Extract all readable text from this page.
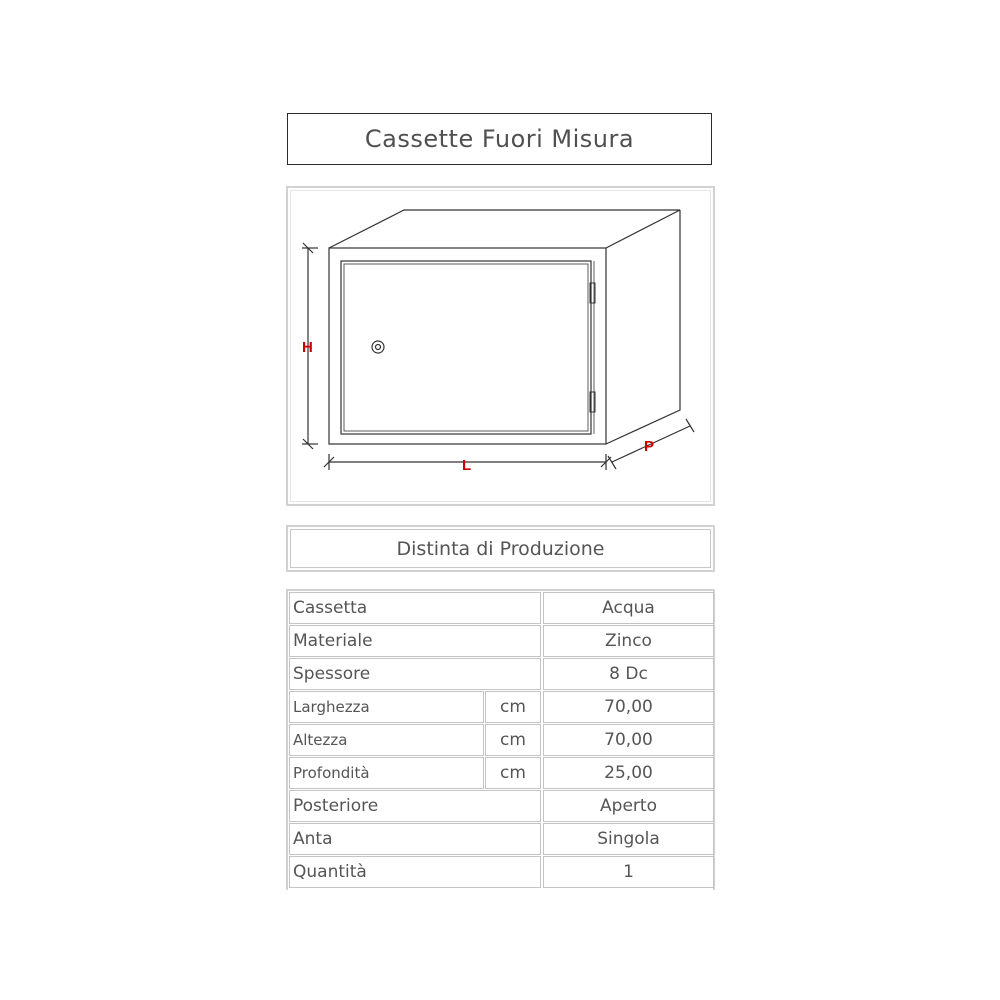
Cassette Fuori Misura
H
L
P
Distinta di Produzione
Cassetta	Acqua
Materiale	Zinco
Spessore	8 Dc
Larghezza	cm	70,00
Altezza	cm	70,00
Profondità	cm	25,00
Posteriore	Aperto
Anta	Singola
Quantità	1
